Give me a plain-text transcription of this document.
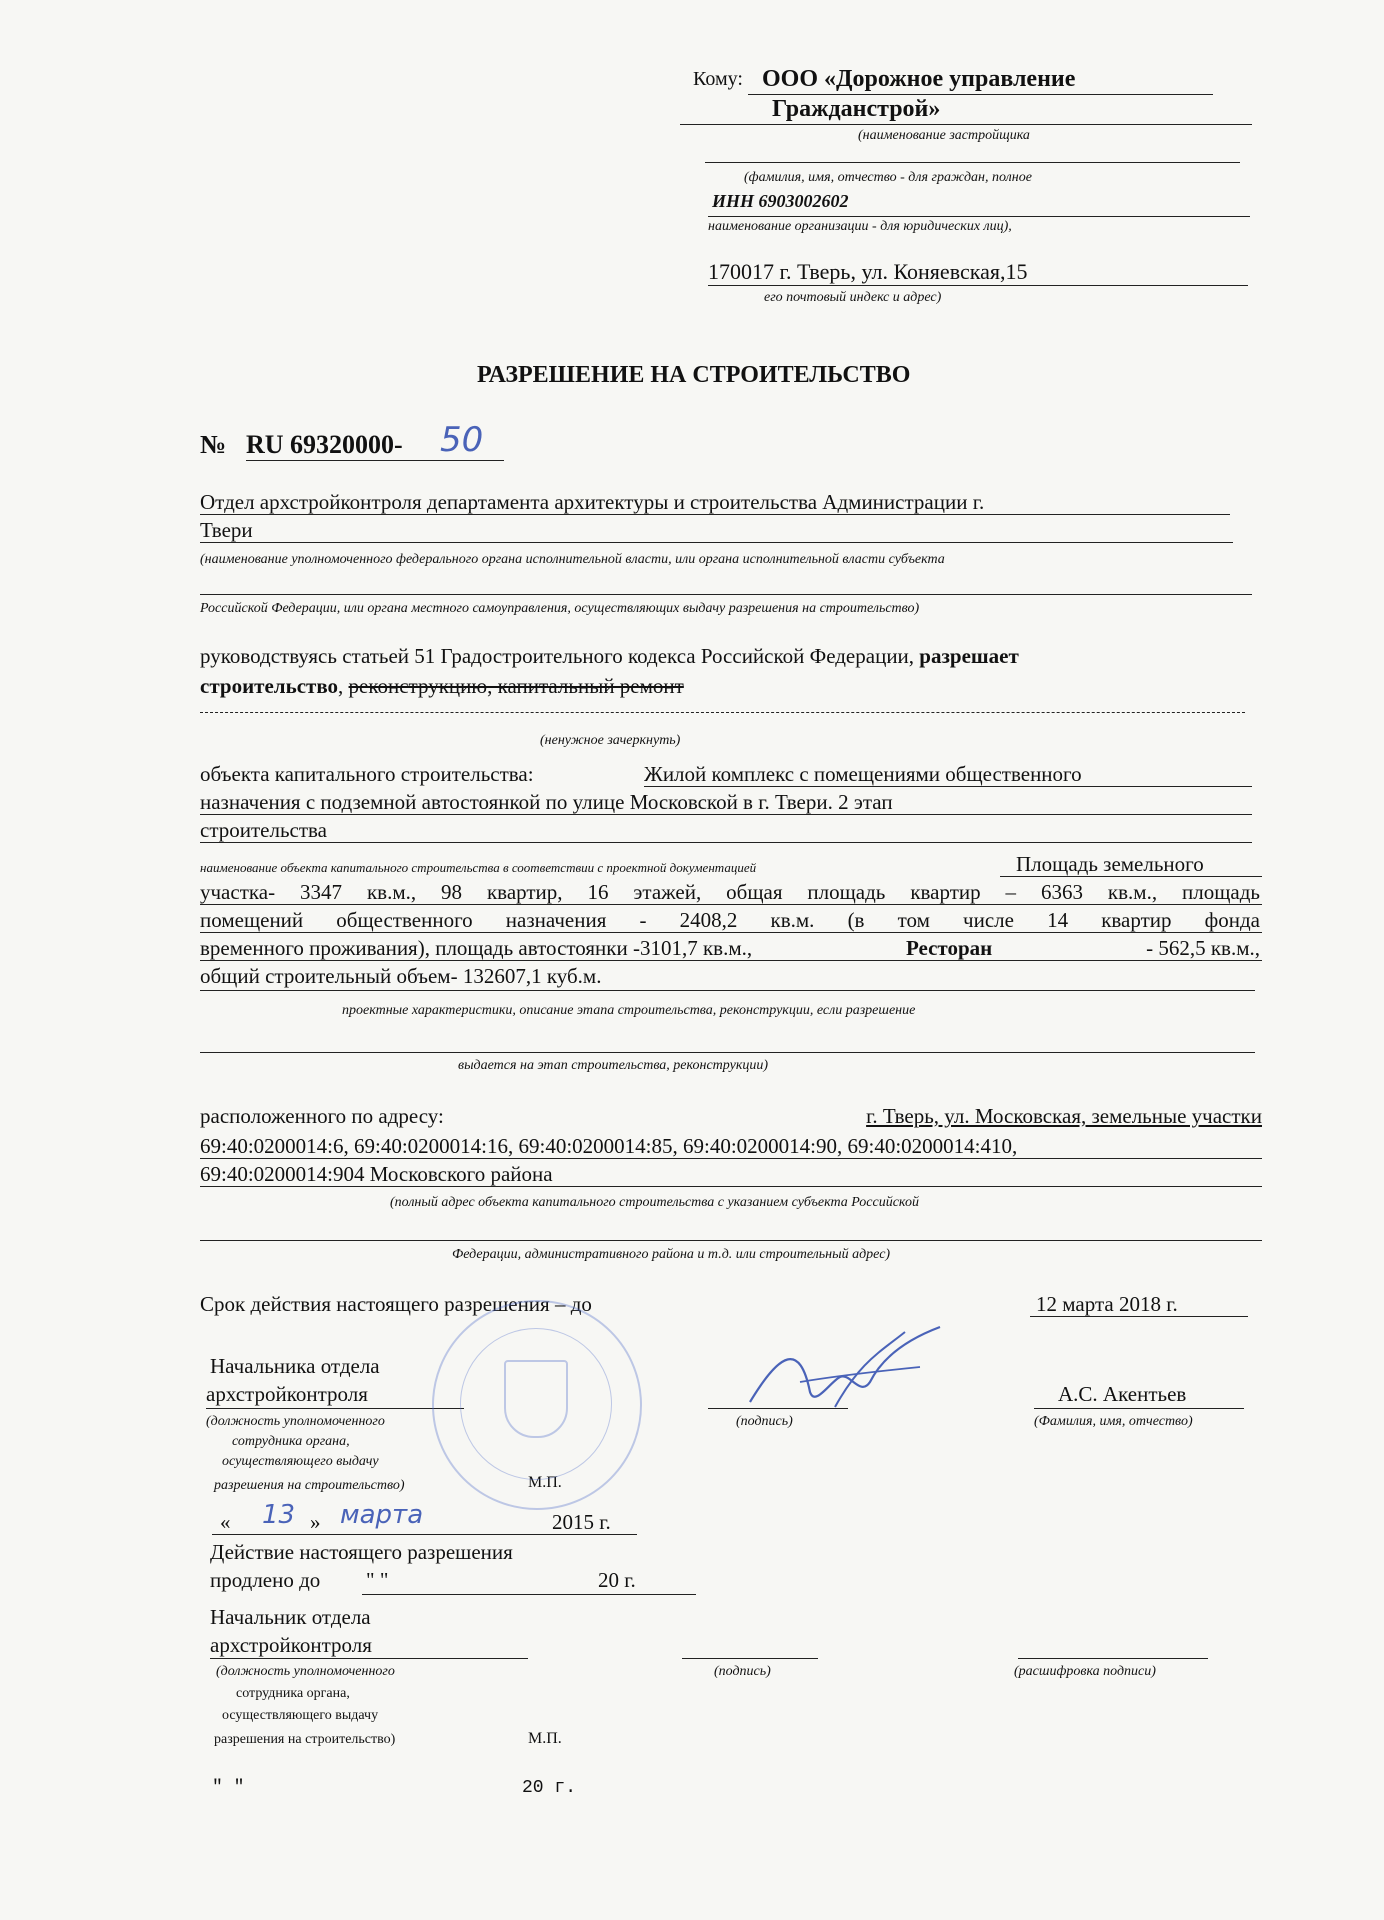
Кому: ООО «Дорожное управление
Гражданстрой»
(наименование застройщика
(фамилия, имя, отчество - для граждан, полное
ИНН 6903002602
наименование организации - для юридических лиц),
170017 г. Тверь, ул. Коняевская,15
его почтовый индекс и адрес)
РАЗРЕШЕНИЕ НА СТРОИТЕЛЬСТВО
№ RU 69320000- 50
Отдел архстройконтроля департамента архитектуры и строительства Администрации г.
Твери
(наименование уполномоченного федерального органа исполнительной власти, или органа исполнительной власти субъекта
Российской Федерации, или органа местного самоуправления, осуществляющих выдачу разрешения на строительство)
руководствуясь статьей 51 Градостроительного кодекса Российской Федерации, разрешает
строительство, реконструкцию, капитальный ремонт
(ненужное зачеркнуть)
объекта капитального строительства:	Жилой комплекс с помещениями общественного
назначения с подземной автостоянкой по улице Московской в г. Твери. 2 этап
строительства
наименование объекта капитального строительства в соответствии с проектной документацией	Площадь земельного
участка- 3347 кв.м., 98 квартир, 16 этажей, общая площадь квартир – 6363 кв.м., площадь
помещений общественного назначения - 2408,2 кв.м. (в том числе 14 квартир фонда
временного проживания), площадь автостоянки -3101,7 кв.м.,	Ресторан	- 562,5 кв.м.,
общий строительный объем- 132607,1 куб.м.
проектные характеристики, описание этапа строительства, реконструкции, если разрешение
выдается на этап строительства, реконструкции)
расположенного по адресу:	г. Тверь, ул. Московская, земельные участки
69:40:0200014:6, 69:40:0200014:16, 69:40:0200014:85, 69:40:0200014:90, 69:40:0200014:410,
69:40:0200014:904 Московского района
(полный адрес объекта капитального строительства с указанием субъекта Российской
Федерации, административного района и т.д. или строительный адрес)
Срок действия настоящего разрешения – до	12 марта 2018 г.
Начальника отдела
архстройконтроля	А.С. Акентьев
(должность уполномоченного
сотрудника органа,
осуществляющего выдачу
разрешения на строительство)	М.П.
(подпись)	(Фамилия, имя, отчество)
« 13 » марта	2015 г.
Действие настоящего разрешения
продлено до " "	20 г.
Начальник отдела
архстройконтроля
(должность уполномоченного
сотрудника органа,
осуществляющего выдачу
разрешения на строительство)	М.П.
(подпись)	(расшифровка подписи)
" "	20 г.
